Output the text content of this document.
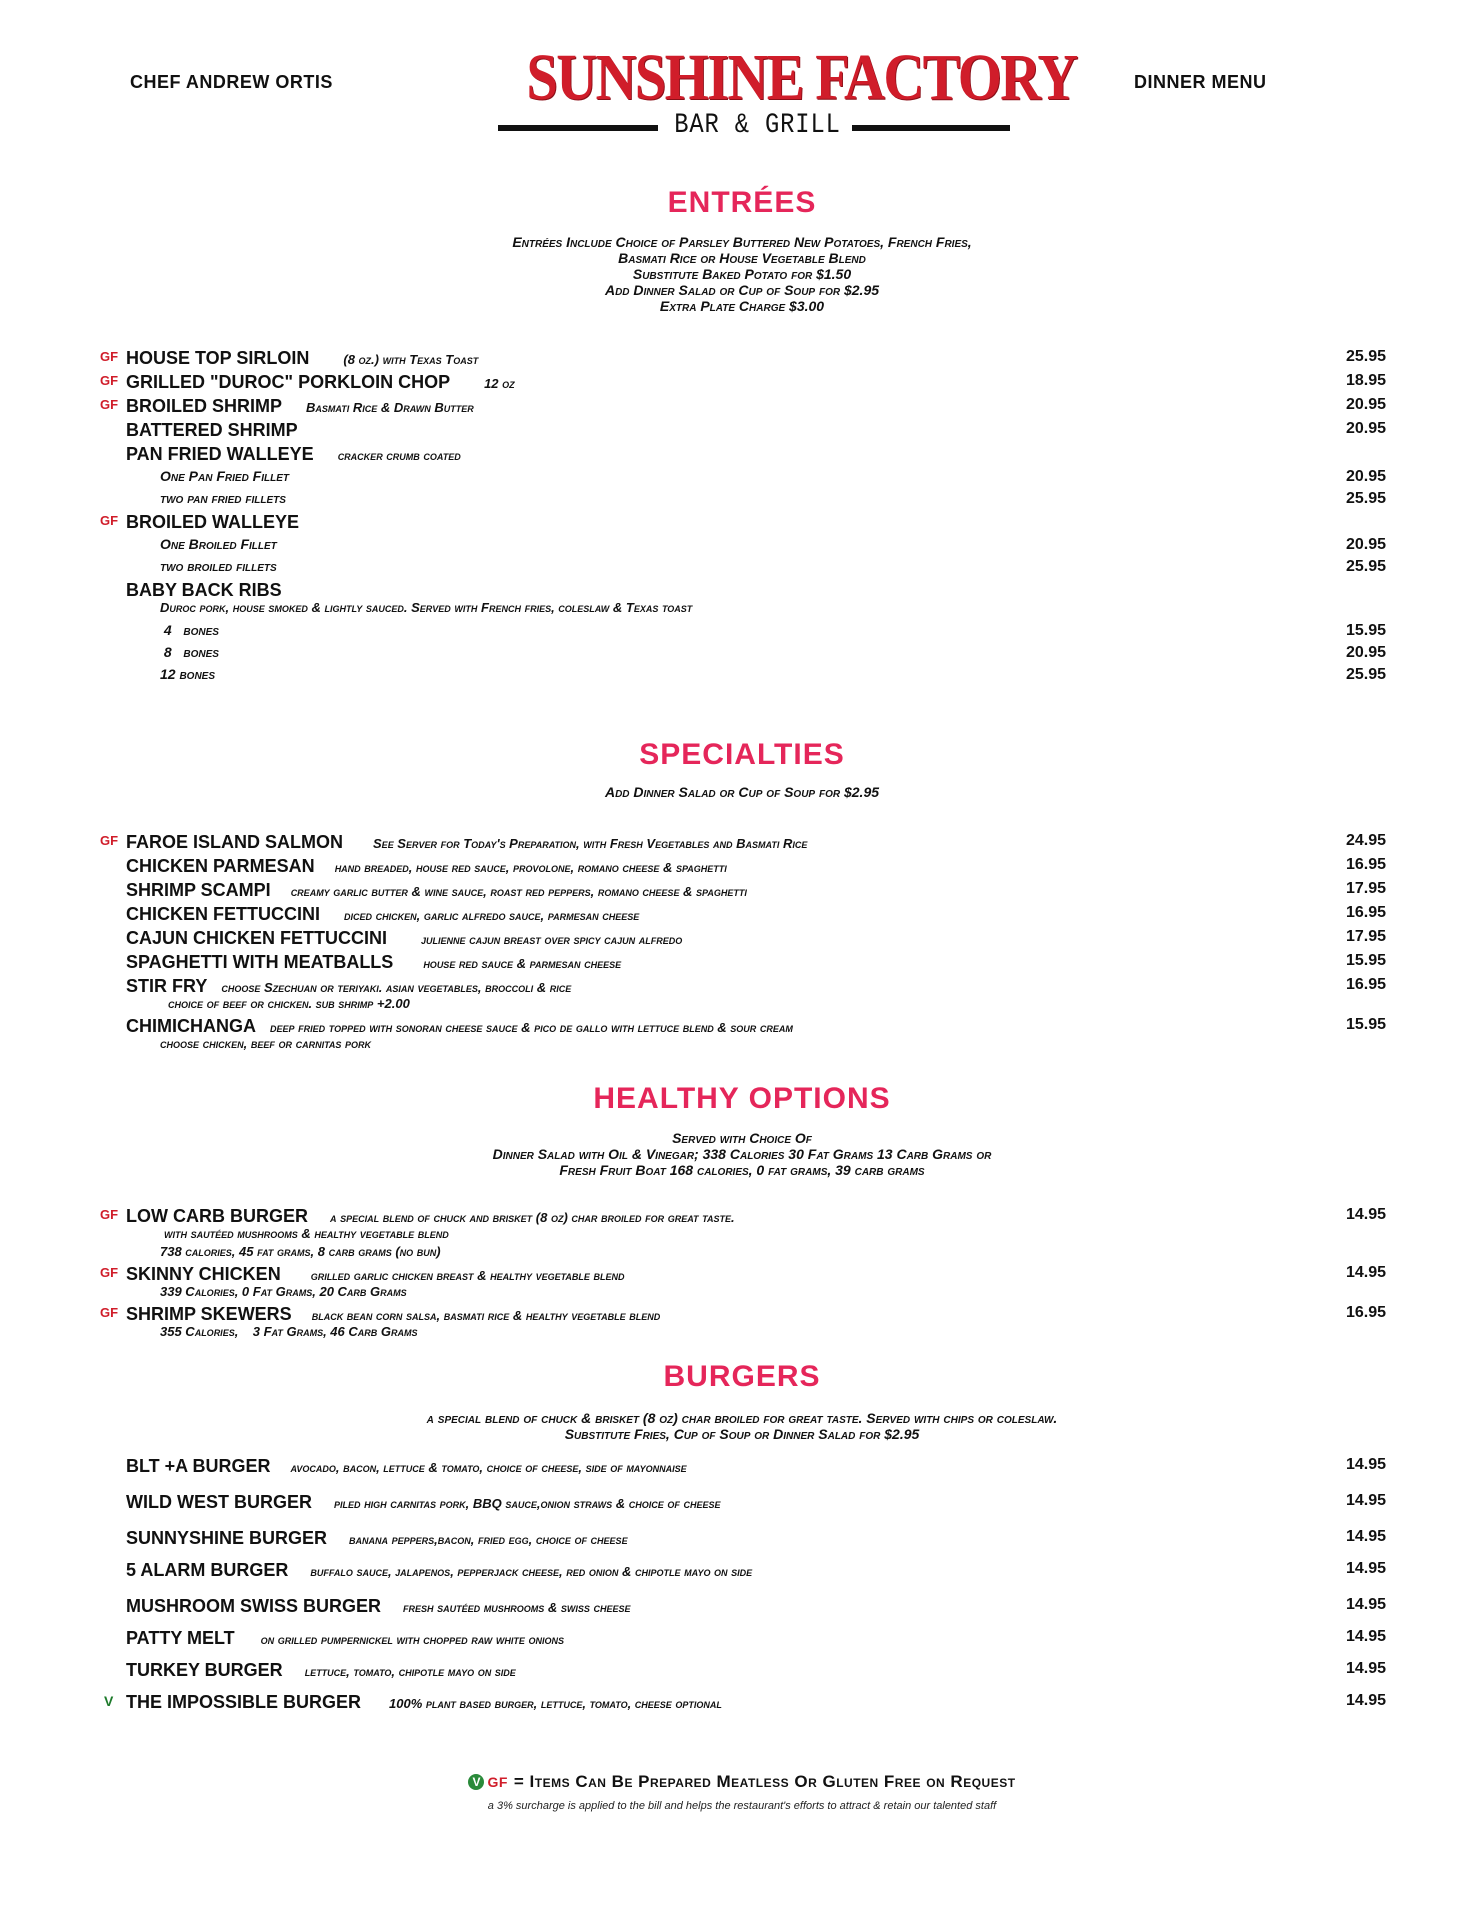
CHEF ANDREW ORTIS	SUNSHINE FACTORY
BAR & GRILL
DINNER MENU
ENTRÉES
Entrées Include Choice of Parsley Buttered New Potatoes, French Fries,
Basmati Rice or House Vegetable Blend
Substitute Baked Potato for $1.50
Add Dinner Salad or Cup of Soup for $2.95
Extra Plate Charge $3.00
GF HOUSE TOP SIRLOIN	(8 oz.) with Texas Toast	25.95
GF GRILLED "DUROC" PORKLOIN CHOP	12 oz	18.95
GF BROILED SHRIMP Basmati Rice & Drawn Butter	20.95
BATTERED SHRIMP	20.95
PAN FRIED WALLEYE cracker crumb coated
One Pan Fried Fillet	20.95
two pan fried fillets	25.95
GF BROILED WALLEYE
One Broiled Fillet	20.95
two broiled fillets	25.95
BABY BACK RIBS
Duroc pork, house smoked & lightly sauced. Served with French fries, coleslaw & Texas toast
4   bones	15.95
8   bones	20.95
12 bones	25.95
SPECIALTIES
Add Dinner Salad or Cup of Soup for $2.95
GF FAROE ISLAND SALMON See Server for Today's Preparation, with Fresh Vegetables and Basmati Rice	24.95
CHICKEN PARMESAN hand breaded, house red sauce, provolone, romano cheese & spaghetti	16.95
SHRIMP SCAMPI creamy garlic butter & wine sauce, roast red peppers, romano cheese & spaghetti	17.95
CHICKEN FETTUCCINI diced chicken, garlic alfredo sauce, parmesan cheese	16.95
CAJUN CHICKEN FETTUCCINI	julienne cajun breast over spicy cajun alfredo	17.95
SPAGHETTI WITH MEATBALLS house red sauce & parmesan cheese	15.95
STIR FRY choose Szechuan or teriyaki. asian vegetables, broccoli & rice	16.95
choice of beef or chicken. sub shrimp +2.00
CHIMICHANGA deep fried topped with sonoran cheese sauce & pico de gallo with lettuce blend & sour cream	15.95
choose chicken, beef or carnitas pork
HEALTHY OPTIONS
Served with Choice Of
Dinner Salad with Oil & Vinegar; 338 Calories 30 Fat Grams 13 Carb Grams or
Fresh Fruit Boat 168 calories, 0 fat grams, 39 carb grams
GF LOW CARB BURGER a special blend of chuck and brisket (8 oz) char broiled for great taste.	14.95
with sautéed mushrooms & healthy vegetable blend
738 calories, 45 fat grams, 8 carb grams (no bun)
GF SKINNY CHICKEN grilled garlic chicken breast & healthy vegetable blend	14.95
339 Calories, 0 Fat Grams, 20 Carb Grams
GF SHRIMP SKEWERS black bean corn salsa, basmati rice & healthy vegetable blend	16.95
355 Calories,    3 Fat Grams, 46 Carb Grams
BURGERS
a special blend of chuck & brisket (8 oz) char broiled for great taste. Served with chips or coleslaw.
Substitute Fries, Cup of Soup or Dinner Salad for $2.95
BLT +A BURGER avocado, bacon, lettuce & tomato, choice of cheese, side of mayonnaise	14.95
WILD WEST BURGER piled high carnitas pork, BBQ sauce,onion straws & choice of cheese	14.95
SUNNYSHINE BURGER banana peppers,bacon, fried egg, choice of cheese	14.95
5 ALARM BURGER buffalo sauce, jalapenos, pepperjack cheese, red onion & chipotle mayo on side	14.95
MUSHROOM SWISS BURGER fresh sautéed mushrooms & swiss cheese	14.95
PATTY MELT on grilled pumpernickel with chopped raw white onions	14.95
TURKEY BURGER lettuce, tomato, chipotle mayo on side	14.95
V THE IMPOSSIBLE BURGER 100% plant based burger, lettuce, tomato, cheese optional	14.95
V GF = Items Can Be Prepared Meatless Or Gluten Free on Request
a 3% surcharge is applied to the bill and helps the restaurant's efforts to attract & retain our talented staff
